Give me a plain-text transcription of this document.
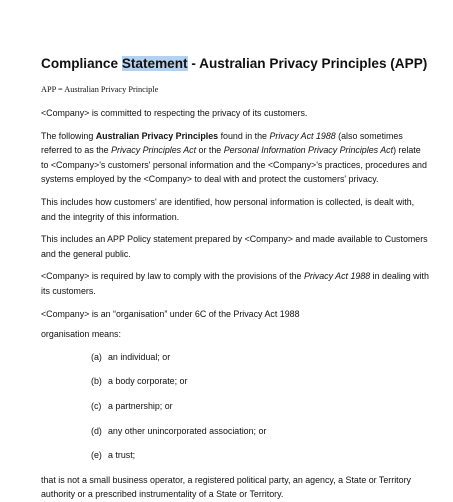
Compliance Statement - Australian Privacy Principles (APP)
APP = Australian Privacy Principle

<Company> is committed to respecting the privacy of its customers.

The following Australian Privacy Principles found in the Privacy Act 1988 (also sometimes referred to as the Privacy Principles Act or the Personal Information Privacy Principles Act) relate to <Company>'s customers' personal information and the <Company>'s practices, procedures and systems employed by the <Company> to deal with and protect the customers' privacy.

This includes how customers' are identified, how personal information is collected, is dealt with, and the integrity of this information.

This includes an APP Policy statement prepared by <Company> and made available to Customers and the general public.

<Company> is required by law to comply with the provisions of the Privacy Act 1988 in dealing with its customers.

<Company> is an “organisation” under 6C of the Privacy Act 1988

organisation means:

(a) an individual; or
(b) a body corporate; or
(c) a partnership; or
(d) any other unincorporated association; or
(e) a trust;

that is not a small business operator, a registered political party, an agency, a State or Territory authority or a prescribed instrumentality of a State or Territory.
